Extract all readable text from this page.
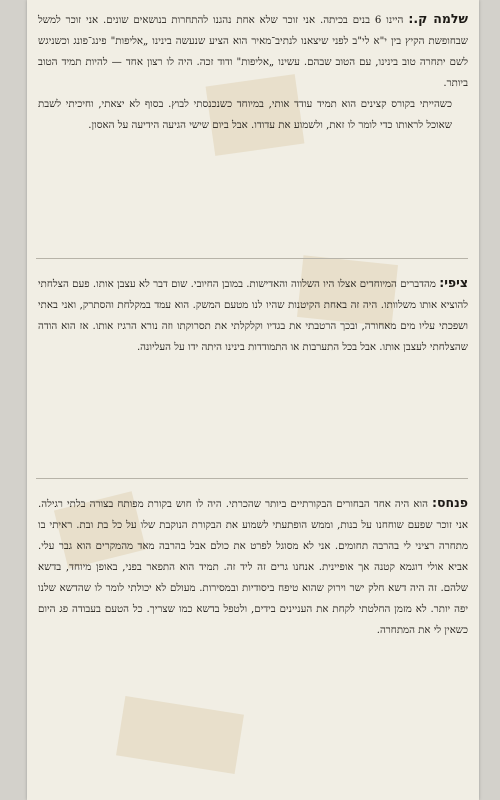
שלמה ק.: היינו 6 בנים בכיתה. אני זוכר שלא אחת נהגנו להתחרות בנושאים שונים. אני זוכר למשל שבחופשת הקיץ בין י"א לי"ב לפני שיצאנו לנתיב־מאיר הוא הציע שנעשה בינינו „אליפות" פינג־פונג וכשניגש לשם יתחרה טוב בינינו, עם הטוב שבהם. עשינו „אליפות" ודוד זכה. היה לו רצון אחד — להיות תמיד הטוב ביותר.

כשהייתי בקורס קצינים הוא תמיד עודד אותי, במיוחד כשנכנסתי לבוץ. בסוף לא יצאתי, וחיכיתי לשבת שאוכל לראותו כדי לומר לו זאת, ולשמוע את עדודו. אבל ביום שישי הגיעה הידיעה על האסון.

ציפי: מהדברים המיוחדים אצלו היו השלווה והאדישות. במובן החיובי. שום דבר לא עצבן אותו. פעם הצלחתי להוציא אותו משלוותו. היה זה באחת הקיטנות שהיו לנו מטעם המשק. הוא עמד במקלחת והסתרק, ואני באתי ושפכתי עליו מים מאחורה, ובכך הרטבתי את בגדיו וקלקלתי את תסרוקתו וזה נורא הרגיז אותו. אז הוא הודה שהצלחתי לעצבן אותו. אבל בכל התערבות או התמודדות בינינו היתה ידו על העליונה.

פנחס: הוא היה אחד הבחורים הבקורתיים ביותר שהכרתי. היה לו חוש בקורת מפותח בצורה בלתי רגילה. אני זוכר שפעם שוחחנו על בנות, וממש הופתעתי לשמוע את הבקורת הנוקבת שלו על כל בת ובת. ראיתי בו מתחרה רציני לי בהרבה תחומים. אני לא מסוגל לפרט את כולם אבל בהרבה מאד מהמקרים הוא גבר עלי. אביא אולי דוגמא קטנה אך אופיינית. אנחנו גרים זה ליד זה. תמיד הוא התפאר בפני, באופן מיוחד, בדשא שלהם. זה היה דשא חלק ישר וירוק שהוא טיפח ביסודיות ובמסירות. מעולם לא יכולתי לומר לו שהדשא שלנו יפה יותר. לא מזמן החלטתי לקחת את העניינים בידים, ולטפל בדשא כמו שצריך. כל הטעם בעבודה פג היום כשאין לי את המתחרה.
